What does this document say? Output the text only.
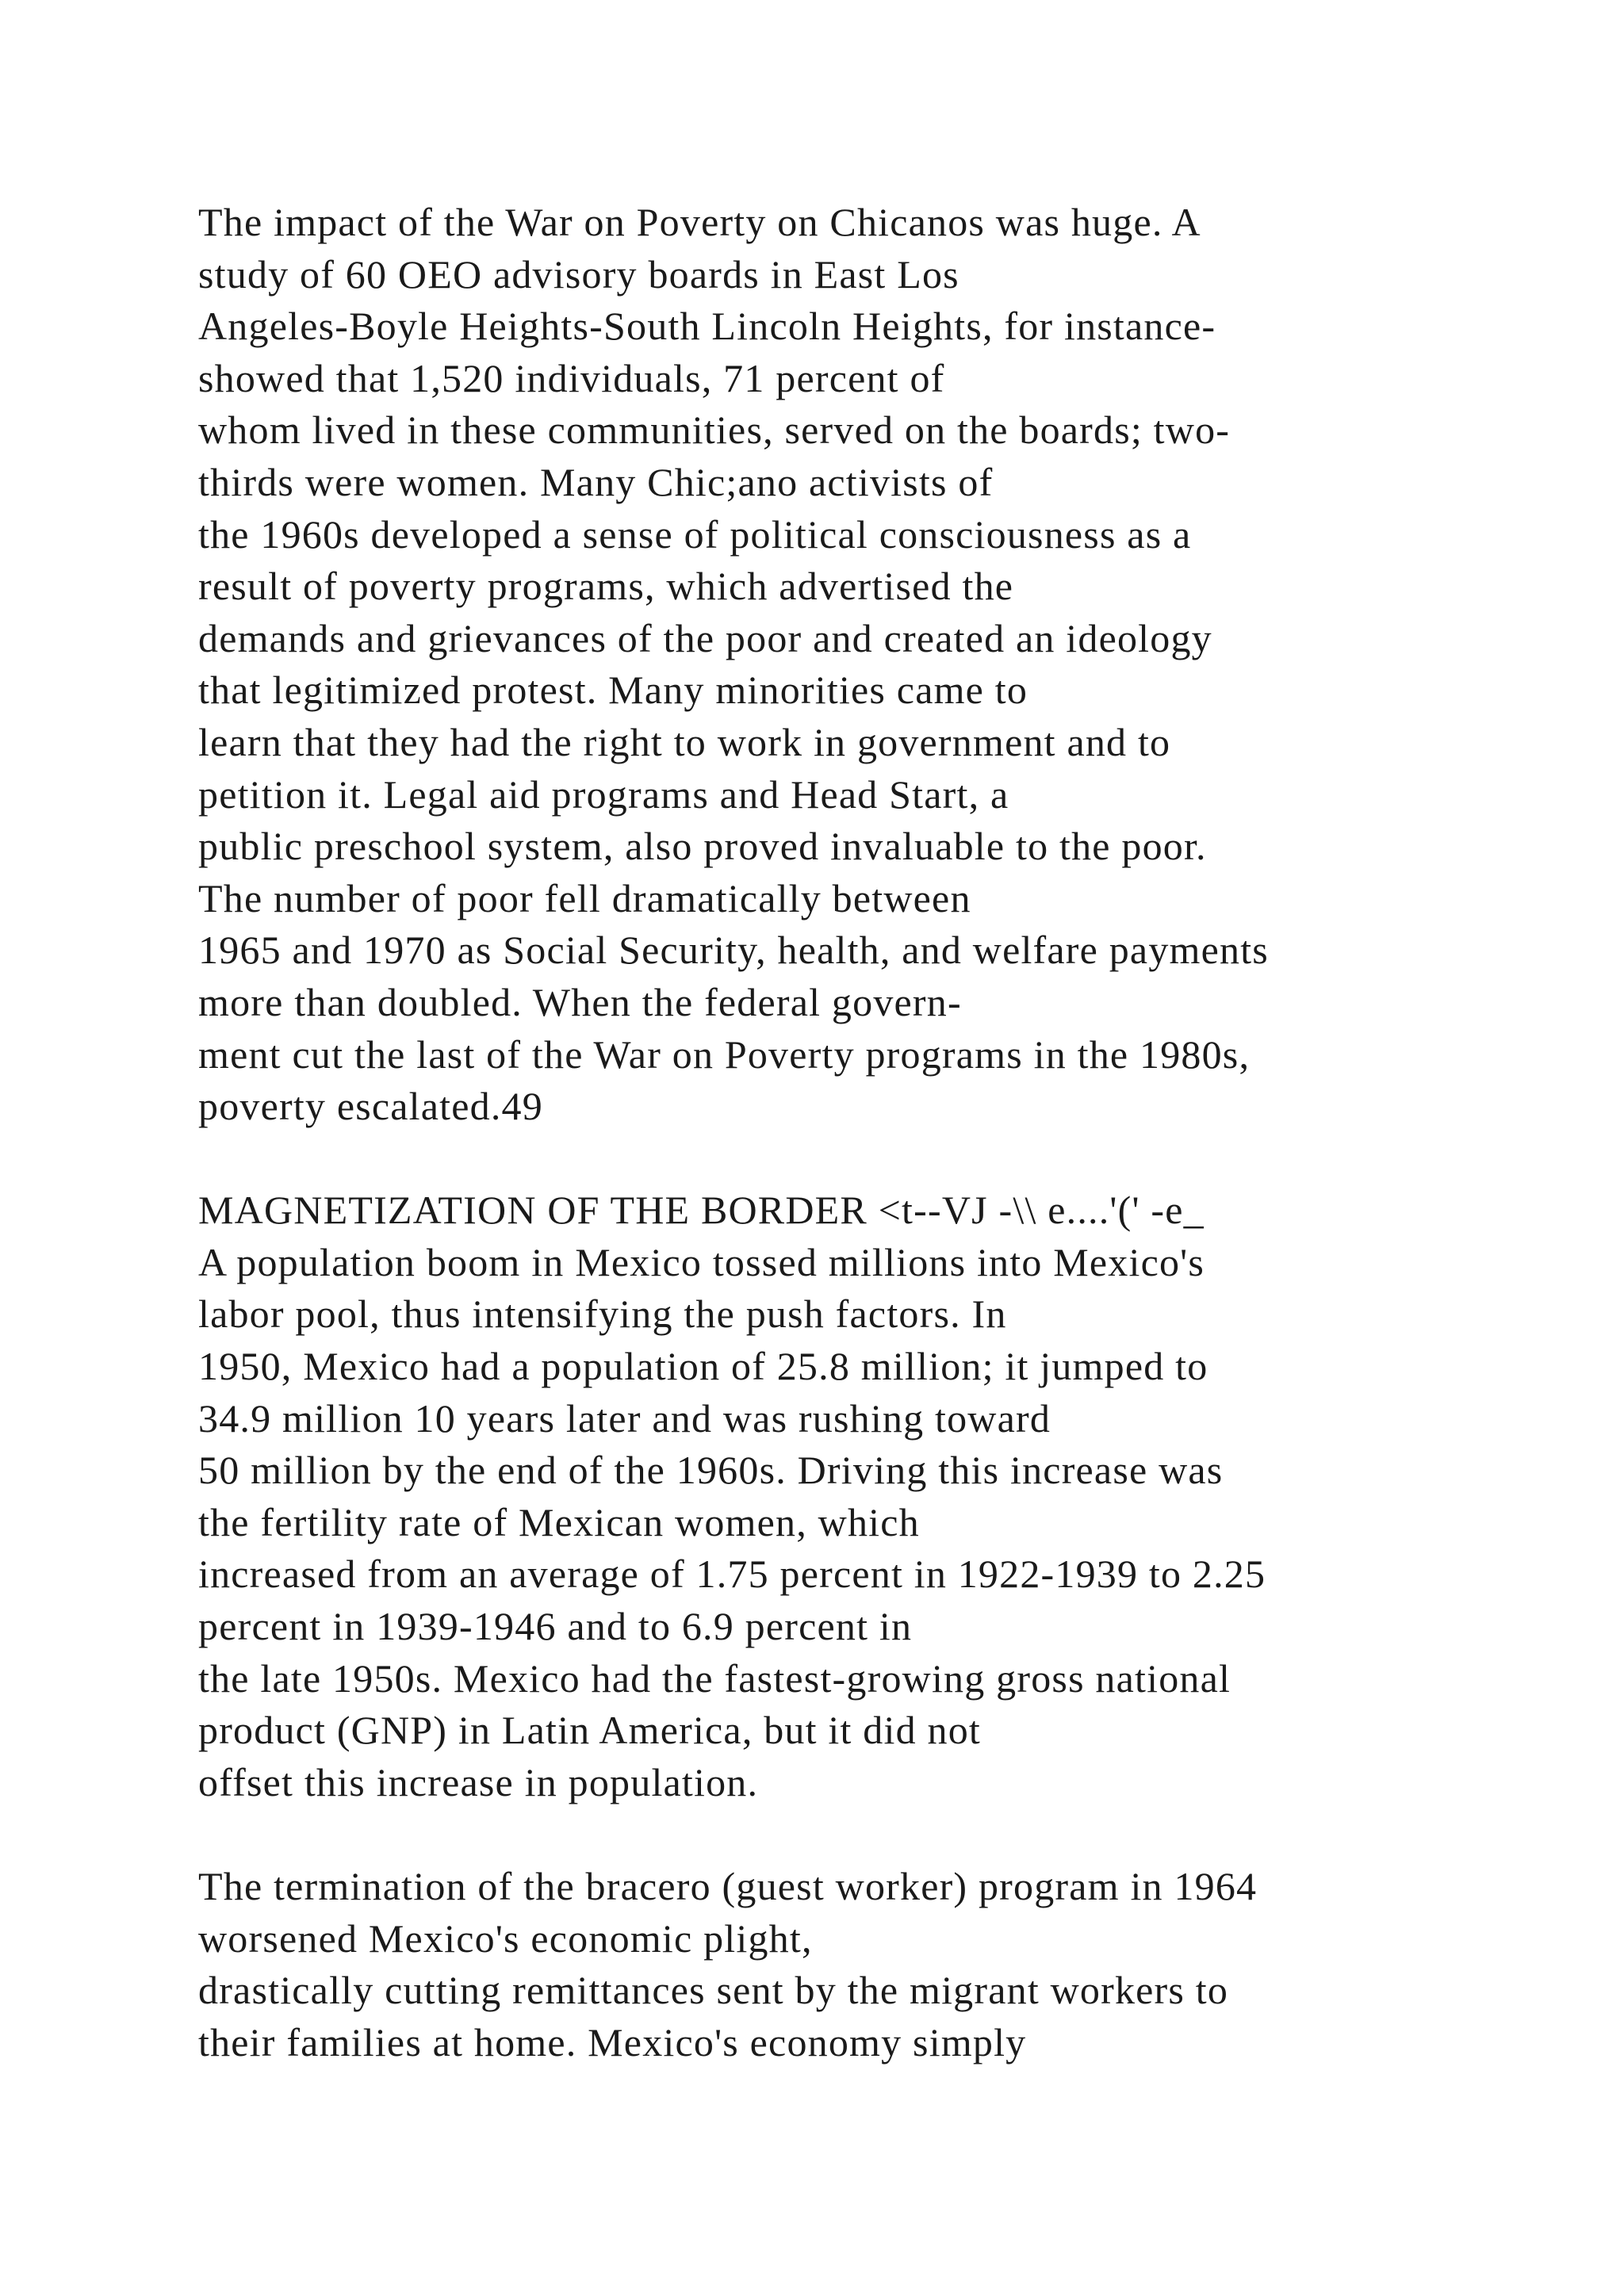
The impact of the War on Poverty on Chicanos was huge. A
study of 60 OEO advisory boards in East Los
Angeles-Boyle Heights-South Lincoln Heights, for instance-
showed that 1,520 individuals, 71 percent of
whom lived in these communities, served on the boards; two-
thirds were women. Many Chic;ano activists of
the 1960s developed a sense of political consciousness as a
result of poverty programs, which advertised the
demands and grievances of the poor and created an ideology
that legitimized protest. Many minorities came to
learn that they had the right to work in government and to
petition it. Legal aid programs and Head Start, a
public preschool system, also proved invaluable to the poor.
The number of poor fell dramatically between
1965 and 1970 as Social Security, health, and welfare payments
more than doubled. When the federal govern-
ment cut the last of the War on Poverty programs in the 1980s,
poverty escalated.49
MAGNETIZATION OF THE BORDER <t--VJ -\\ e....'(' -e_
A population boom in Mexico tossed millions into Mexico's
labor pool, thus intensifying the push factors. In
1950, Mexico had a population of 25.8 million; it jumped to
34.9 million 10 years later and was rushing toward
50 million by the end of the 1960s. Driving this increase was
the fertility rate of Mexican women, which
increased from an average of 1.75 percent in 1922-1939 to 2.25
percent in 1939-1946 and to 6.9 percent in
the late 1950s. Mexico had the fastest-growing gross national
product (GNP) in Latin America, but it did not
offset this increase in population.
The termination of the bracero (guest worker) program in 1964
worsened Mexico's economic plight,
drastically cutting remittances sent by the migrant workers to
their families at home. Mexico's economy simply
